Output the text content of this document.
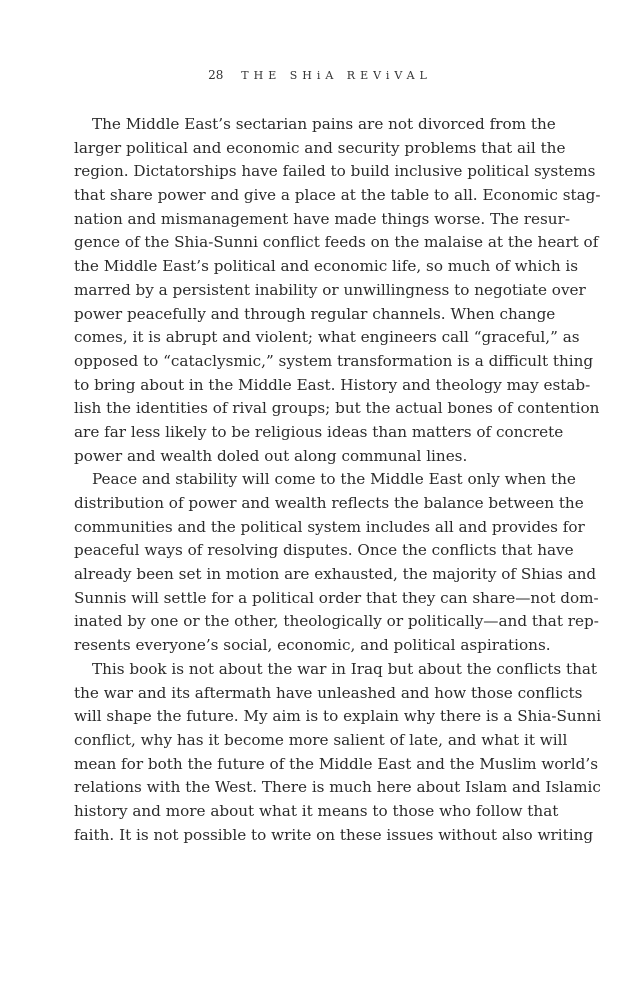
28 THE SHiA REViVAL
The Middle East’s sectarian pains are not divorced from the
larger political and economic and security problems that ail the
region. Dictatorships have failed to build inclusive political systems
that share power and give a place at the table to all. Economic stag-
nation and mismanagement have made things worse. The resur-
gence of the Shia-Sunni conflict feeds on the malaise at the heart of
the Middle East’s political and economic life, so much of which is
marred by a persistent inability or unwillingness to negotiate over
power peacefully and through regular channels. When change
comes, it is abrupt and violent; what engineers call “graceful,” as
opposed to “cataclysmic,” system transformation is a difficult thing
to bring about in the Middle East. History and theology may estab-
lish the identities of rival groups; but the actual bones of contention
are far less likely to be religious ideas than matters of concrete
power and wealth doled out along communal lines.
Peace and stability will come to the Middle East only when the
distribution of power and wealth reflects the balance between the
communities and the political system includes all and provides for
peaceful ways of resolving disputes. Once the conflicts that have
already been set in motion are exhausted, the majority of Shias and
Sunnis will settle for a political order that they can share—not dom-
inated by one or the other, theologically or politically—and that rep-
resents everyone’s social, economic, and political aspirations.
This book is not about the war in Iraq but about the conflicts that
the war and its aftermath have unleashed and how those conflicts
will shape the future. My aim is to explain why there is a Shia-Sunni
conflict, why has it become more salient of late, and what it will
mean for both the future of the Middle East and the Muslim world’s
relations with the West. There is much here about Islam and Islamic
history and more about what it means to those who follow that
faith. It is not possible to write on these issues without also writing
